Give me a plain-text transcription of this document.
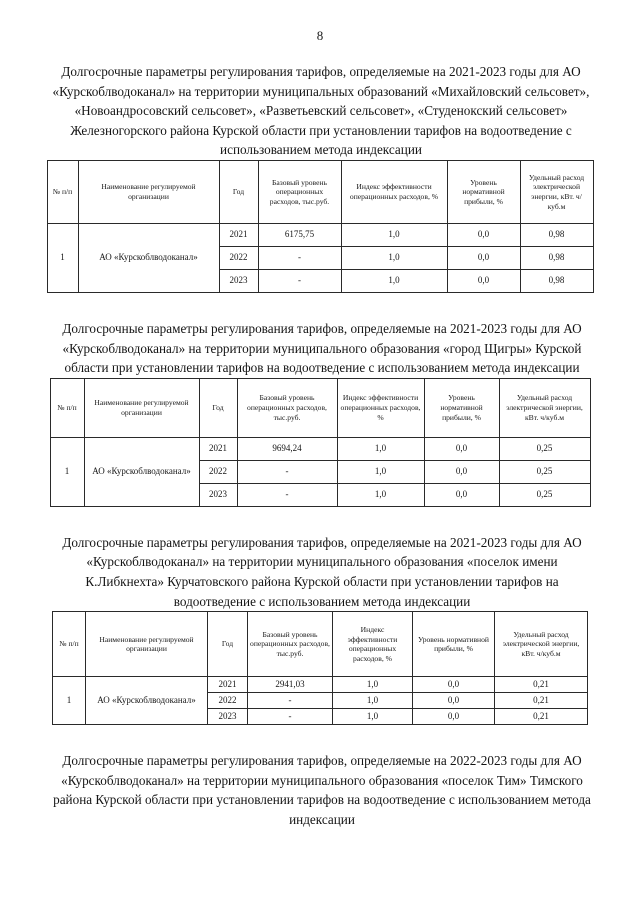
8

Долгосрочные параметры регулирования тарифов, определяемые на 2021-2023 годы для АО «Курскоблводоканал» на территории муниципальных образований «Михайловский сельсовет», «Новоандросовский сельсовет», «Разветьевский сельсовет», «Студенокский сельсовет» Железногорского района Курской области при установлении тарифов на водоотведение с использованием метода индексации

№ п/п	Наименование регулируемой организации	Год	Базовый уровень операционных расходов, тыс.руб.	Индекс эффективности операционных расходов, %	Уровень нормативной прибыли, %	Удельный расход электрической энергии, кВт. ч/куб.м
1	АО «Курскоблводоканал»	2021	6175,75	1,0	0,0	0,98
		2022	-	1,0	0,0	0,98
		2023	-	1,0	0,0	0,98

Долгосрочные параметры регулирования тарифов, определяемые на 2021-2023 годы для АО «Курскоблводоканал» на территории муниципального образования «город Щигры» Курской области при установлении тарифов на водоотведение с использованием метода индексации

№ п/п	Наименование регулируемой организации	Год	Базовый уровень операционных расходов, тыс.руб.	Индекс эффективности операционных расходов, %	Уровень нормативной прибыли, %	Удельный расход электрической энергии, кВт. ч/куб.м
1	АО «Курскоблводоканал»	2021	9694,24	1,0	0,0	0,25
		2022	-	1,0	0,0	0,25
		2023	-	1,0	0,0	0,25

Долгосрочные параметры регулирования тарифов, определяемые на 2021-2023 годы для АО «Курскоблводоканал» на территории муниципального образования «поселок имени К.Либкнехта» Курчатовского района Курской области при установлении тарифов на водоотведение с использованием метода индексации

№ п/п	Наименование регулируемой организации	Год	Базовый уровень операционных расходов, тыс.руб.	Индекс эффективности операционных расходов, %	Уровень нормативной прибыли, %	Удельный расход электрической энергии, кВт. ч/куб.м
1	АО «Курскоблводоканал»	2021	2941,03	1,0	0,0	0,21
		2022	-	1,0	0,0	0,21
		2023	-	1,0	0,0	0,21

Долгосрочные параметры регулирования тарифов, определяемые на 2022-2023 годы для АО «Курскоблводоканал» на территории муниципального образования «поселок Тим» Тимского района Курской области при установлении тарифов на водоотведение с использованием метода индексации
